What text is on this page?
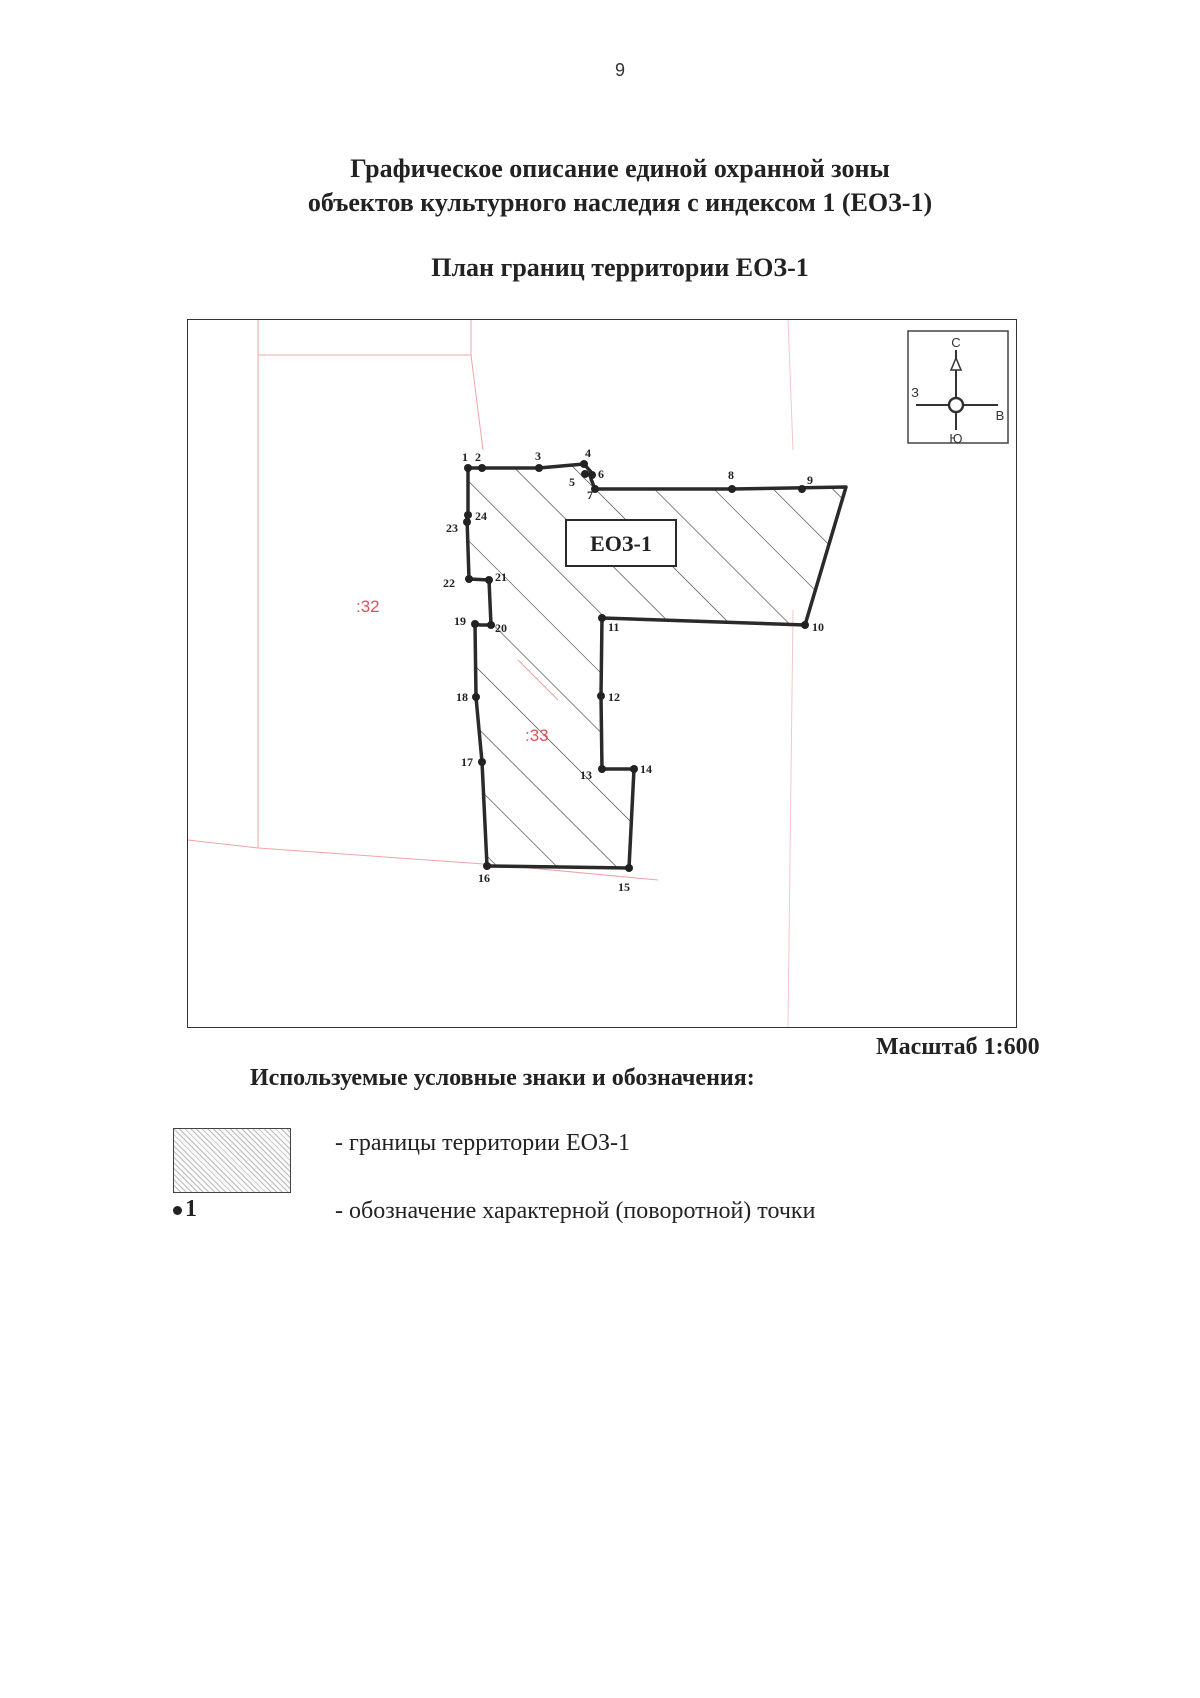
9
Графическое описание единой охранной зоны
объектов культурного наследия с индексом 1 (ЕОЗ-1)
План границ территории ЕОЗ-1
:33
:32
ЕОЗ-1
1 2	3	4
5
6
7
8	9
10
11
12
13	14
15
16
17
18
19 20
21
22
23
24
С
Ю
В
З
Масштаб 1:600
Используемые условные знаки и обозначения:
- границы территории ЕОЗ-1
1	- обозначение характерной (поворотной) точки
